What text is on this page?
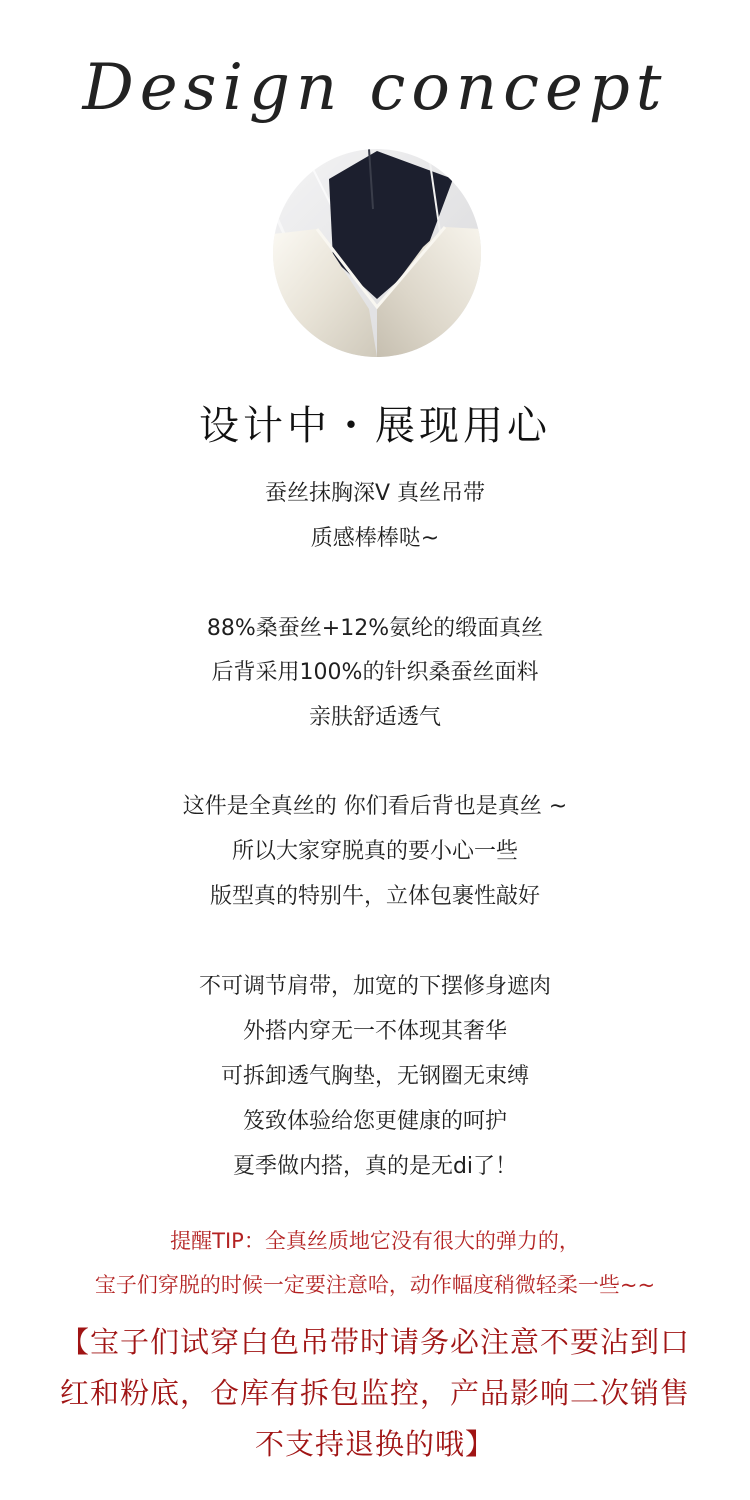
Design concept
设计中・展现用心
蚕丝抹胸深V 真丝吊带
质感棒棒哒~
88%桑蚕丝+12%氨纶的缎面真丝
后背采用100%的针织桑蚕丝面料
亲肤舒适透气
这件是全真丝的 你们看后背也是真丝 ~
所以大家穿脱真的要小心一些
版型真的特别牛，立体包裹性敲好
不可调节肩带，加宽的下摆修身遮肉
外搭内穿无一不体现其奢华
可拆卸透气胸垫，无钢圈无束缚
笈致体验给您更健康的呵护
夏季做内搭，真的是无di了！
提醒TIP：全真丝质地它没有很大的弹力的，
宝子们穿脱的时候一定要注意哈，动作幅度稍微轻柔一些~~
【宝子们试穿白色吊带时请务必注意不要沾到口
红和粉底，仓库有拆包监控，产品影响二次销售
不支持退换的哦】
